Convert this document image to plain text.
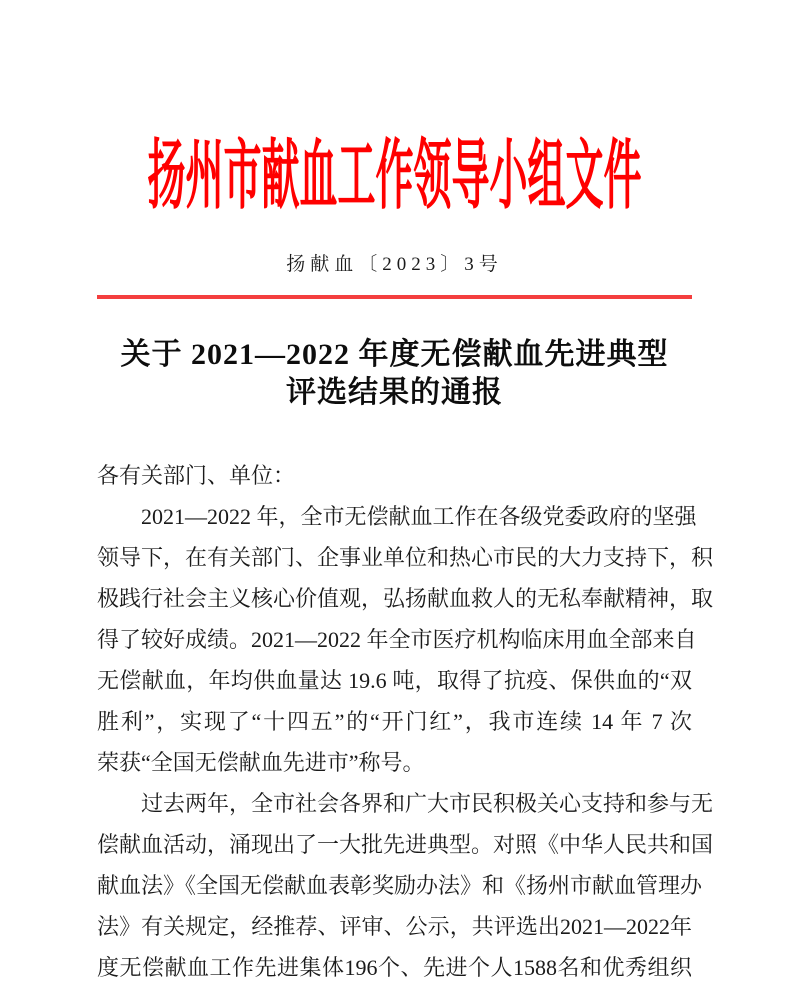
扬州市献血工作领导小组文件
扬献血〔2023〕3号
关于 2021—2022 年度无偿献血先进典型
评选结果的通报
各有关部门、单位：
2021—2022 年，全市无偿献血工作在各级党委政府的坚强
领导下，在有关部门、企事业单位和热心市民的大力支持下，积
极践行社会主义核心价值观，弘扬献血救人的无私奉献精神，取
得了较好成绩。2021—2022 年全市医疗机构临床用血全部来自
无偿献血，年均供血量达 19.6 吨，取得了抗疫、保供血的“双
胜利”，实现了“十四五”的“开门红”，我市连续 14 年 7 次
荣获“全国无偿献血先进市”称号。
过去两年，全市社会各界和广大市民积极关心支持和参与无
偿献血活动，涌现出了一大批先进典型。对照《中华人民共和国
献血法》《全国无偿献血表彰奖励办法》和《扬州市献血管理办
法》有关规定，经推荐、评审、公示，共评选出2021—2022年
度无偿献血工作先进集体196个、先进个人1588名和优秀组织
